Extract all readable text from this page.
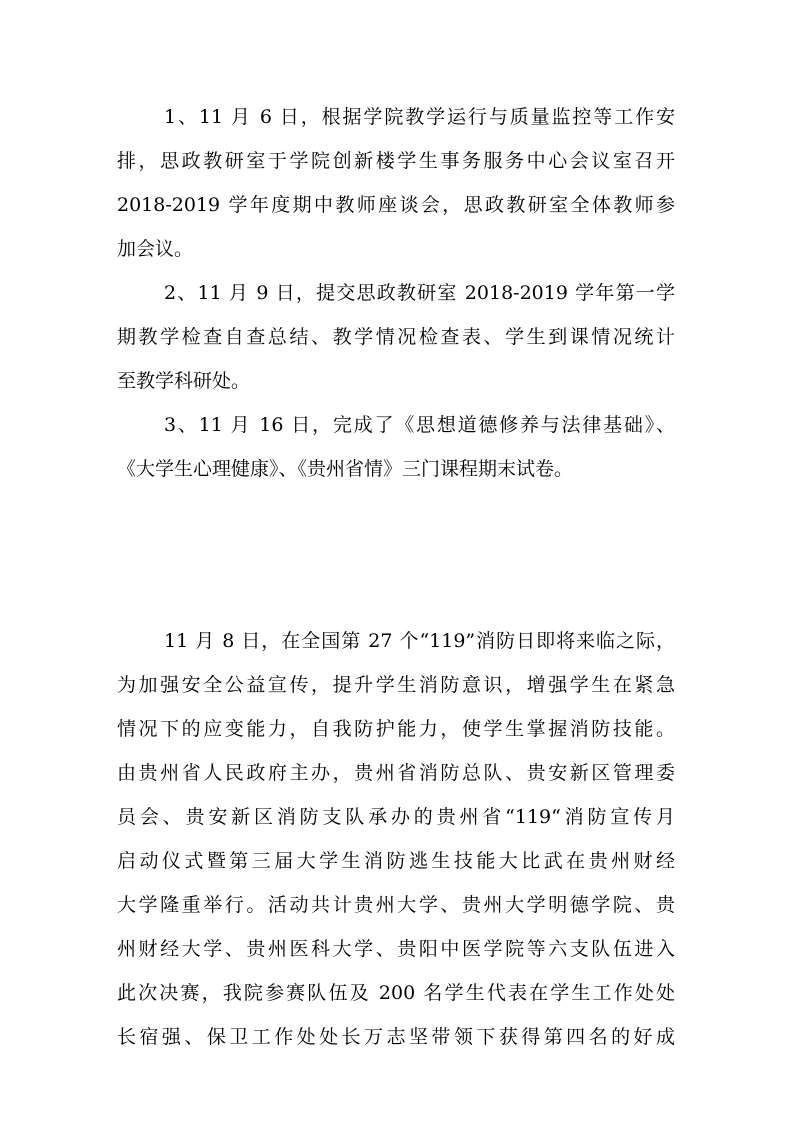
1、11 月 6 日，根据学院教学运行与质量监控等工作安

排，思政教研室于学院创新楼学生事务服务中心会议室召开

2018-2019 学年度期中教师座谈会，思政教研室全体教师参

加会议。

2、11 月 9 日，提交思政教研室 2018-2019 学年第一学

期教学检查自查总结、教学情况检查表、学生到课情况统计

至教学科研处。

3、11 月 16 日，完成了《思想道德修养与法律基础》、

《大学生心理健康》、《贵州省情》三门课程期末试卷。

11 月 8 日，在全国第 27 个“119”消防日即将来临之际，

为加强安全公益宣传，提升学生消防意识，增强学生在紧急

情况下的应变能力，自我防护能力，使学生掌握消防技能。

由贵州省人民政府主办，贵州省消防总队、贵安新区管理委

员会、贵安新区消防支队承办的贵州省“119“消防宣传月

启动仪式暨第三届大学生消防逃生技能大比武在贵州财经

大学隆重举行。活动共计贵州大学、贵州大学明德学院、贵

州财经大学、贵州医科大学、贵阳中医学院等六支队伍进入

此次决赛，我院参赛队伍及 200 名学生代表在学生工作处处

长宿强、保卫工作处处长万志坚带领下获得第四名的好成
